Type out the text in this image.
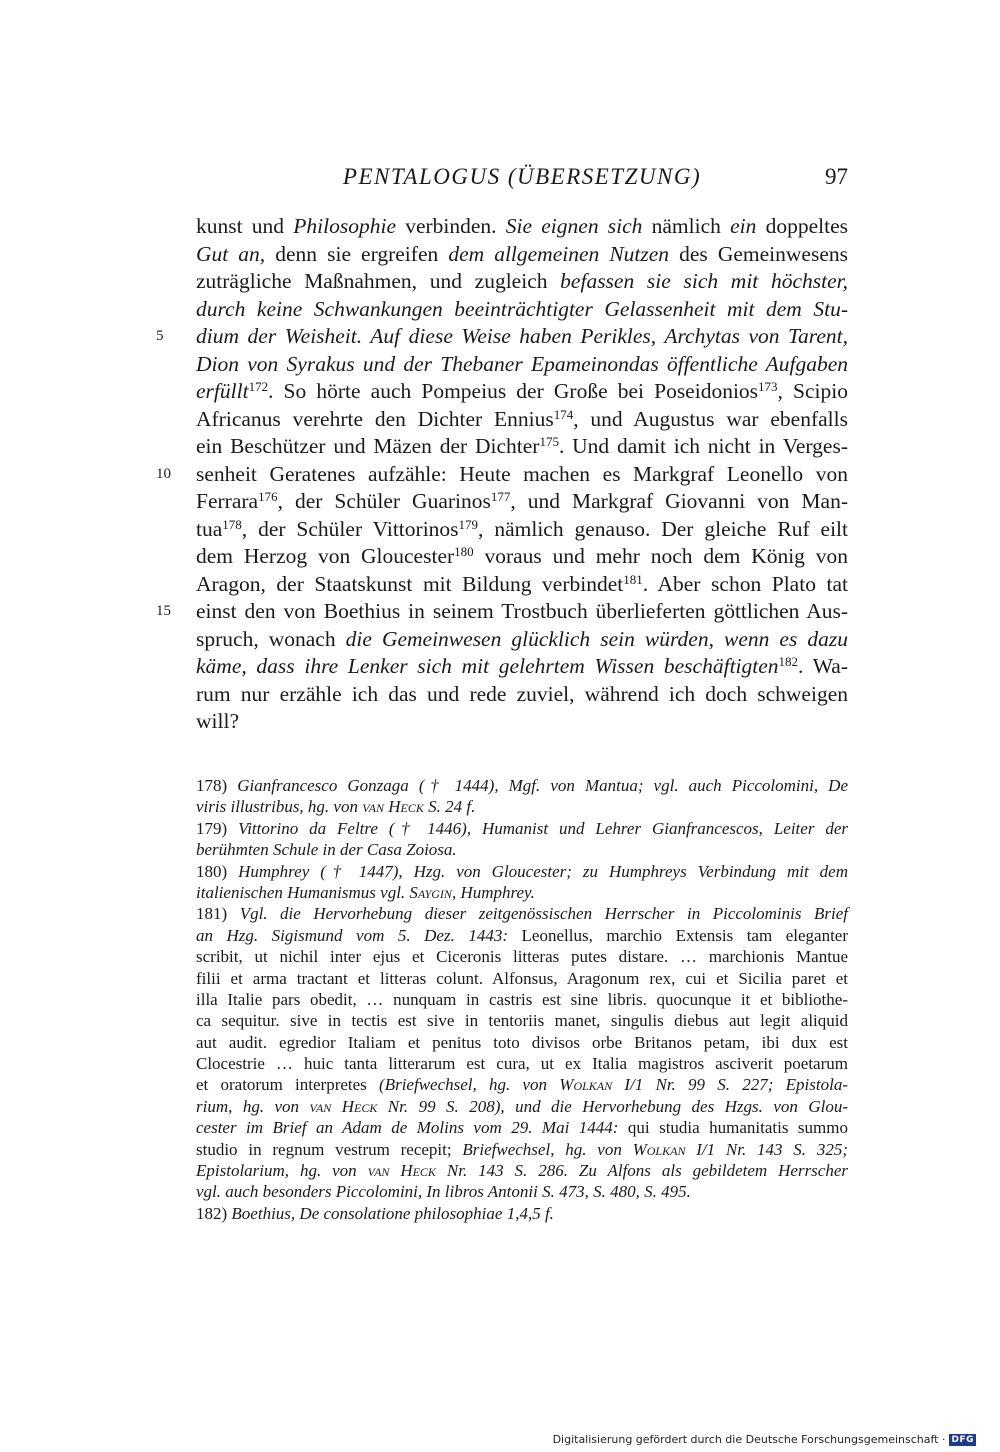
PENTALOGUS (ÜBERSETZUNG)	97
kunst und Philosophie verbinden. Sie eignen sich nämlich ein doppeltes
Gut an, denn sie ergreifen dem allgemeinen Nutzen des Gemeinwesens
zuträgliche Maßnahmen, und zugleich befassen sie sich mit höchster,
durch keine Schwankungen beeinträchtigter Gelassenheit mit dem Stu-
5	dium der Weisheit. Auf diese Weise haben Perikles, Archytas von Tarent,
Dion von Syrakus und der Thebaner Epameinondas öffentliche Aufgaben
erfüllt$^{172}$. So hörte auch Pompeius der Große bei Poseidonios$^{173}$, Scipio
Africanus verehrte den Dichter Ennius$^{174}$, und Augustus war ebenfalls
ein Beschützer und Mäzen der Dichter$^{175}$. Und damit ich nicht in Verges-
10 senheit Geratenes aufzähle: Heute machen es Markgraf Leonello von
Ferrara$^{176}$, der Schüler Guarinos$^{177}$, und Markgraf Giovanni von Man-
tua$^{178}$, der Schüler Vittorinos$^{179}$, nämlich genauso. Der gleiche Ruf eilt
dem Herzog von Gloucester$^{180}$ voraus und mehr noch dem König von
Aragon, der Staatskunst mit Bildung verbindet$^{181}$. Aber schon Plato tat
15 einst den von Boethius in seinem Trostbuch überlieferten göttlichen Aus-
spruch, wonach die Gemeinwesen glücklich sein würden, wenn es dazu
käme, dass ihre Lenker sich mit gelehrtem Wissen beschäftigten$^{182}$. Wa-
rum nur erzähle ich das und rede zuviel, während ich doch schweigen
will?
178) Gianfrancesco Gonzaga († 1444), Mgf. von Mantua; vgl. auch Piccolomini, De
viris illustribus, hg. von van Heck S. 24 f.
179) Vittorino da Feltre († 1446), Humanist und Lehrer Gianfrancescos, Leiter der
berühmten Schule in der Casa Zoiosa.
180) Humphrey († 1447), Hzg. von Gloucester; zu Humphreys Verbindung mit dem
italienischen Humanismus vgl. Saygin, Humphrey.
181) Vgl. die Hervorhebung dieser zeitgenössischen Herrscher in Piccolominis Brief
an Hzg. Sigismund vom 5. Dez. 1443: Leonellus, marchio Extensis tam eleganter
scribit, ut nichil inter ejus et Ciceronis litteras putes distare. … marchionis Mantue
filii et arma tractant et litteras colunt. Alfonsus, Aragonum rex, cui et Sicilia paret et
illa Italie pars obedit, … nunquam in castris est sine libris. quocunque it et bibliothe-
ca sequitur. sive in tectis est sive in tentoriis manet, singulis diebus aut legit aliquid
aut audit. egredior Italiam et penitus toto divisos orbe Britanos petam, ibi dux est
Clocestrie … huic tanta litterarum est cura, ut ex Italia magistros asciverit poetarum
et oratorum interpretes (Briefwechsel, hg. von Wolkan I/1 Nr. 99 S. 227; Epistola-
rium, hg. von van Heck Nr. 99 S. 208), und die Hervorhebung des Hzgs. von Glou-
cester im Brief an Adam de Molins vom 29. Mai 1444: qui studia humanitatis summo
studio in regnum vestrum recepit; Briefwechsel, hg. von Wolkan I/1 Nr. 143 S. 325;
Epistolarium, hg. von van Heck Nr. 143 S. 286. Zu Alfons als gebildetem Herrscher
vgl. auch besonders Piccolomini, In libros Antonii S. 473, S. 480, S. 495.
182) Boethius, De consolatione philosophiae 1,4,5 f.
Digitalisierung gefördert durch die Deutsche Forschungsgemeinschaft · DFG
